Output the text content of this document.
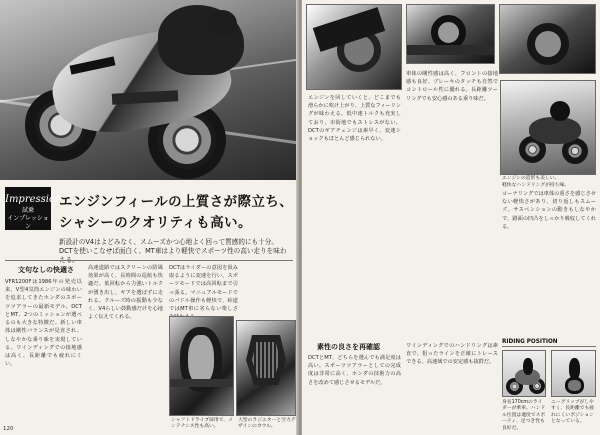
エンジンフィールの上質さが際立ち、
シャシーのクオリティも高い。
Impression
試乗
インプレッション
新設計のV4はよどみなく、スムーズかつ心地よく回って質感的にも十分。DCTを使いこなせば面白く、MT車はより軽快でスポーツ性の高い走りを味わ
文句なしの快適さ
VFR1200Fは1986年の発売以来、V型4気筒エンジンの味わいを追求してきたホンダのスポーツツアラーの最新モデル。DCTとMT、2つのミッションが選べるのも大きな特徴だ。新しい車体は剛性バランスが見直され、しなやかな乗り味を実現している。ワインディングでの接地感は高く、長距離でも疲れにくい。
高速道路ではスクリーンの防風効果が高く、長時間の巡航も快適だ。低回転から力強いトルクが湧き出し、ギアを選ばずに走れる。クルーズ時の振動も少なく、V4らしい鼓動感だけを心地よく伝えてくれる。
DCTはライダーの意図を汲み取るように変速を行い、スポーツモードでは高回転まで引っ張る。マニュアルモードでのパドル操作も軽快で、峠道ではMT車に劣らない楽しさ
シャフトドライブ採用で、メンテナンス性も高い。
大型のラジエターと空力デザインのカウル。
120
エンジンを回していくと、どこまでも滑らかに吹け上がり、上質なフィーリングが味わえる。低中速トルクも充実しており、市街地でもストレスがない。DCTのギアチェンジは素早く、変速ショックもほとんど感じられない。
車体の剛性感は高く、フロントの接地感も良好。ブレーキのタッチも自然でコントロール性に優れる。長距離ツーリングでも安心感のある乗り味だ。
コーナリングでは車体の重さを感じさせない軽快さがあり、切り返しもスムーズ。サスペンションの動きもしなやかで、路面の凹凸をしっかり吸収してくれる。
エンジンの造形も美しい。
軽快なハンドリングが持ち味。
素性の良さを再確認
DCTとMT、どちらを選んでも満足度は高い。スポーツツアラーとしての完成度は非常に高く、ホンダの技術力の高さを改めて感じさせるモデルだ。
ワインディングでのハンドリングは素直で、狙ったラインを正確にトレースできる。高速域での安定感も抜群だ。
RIDING POSITION
身長170cmのライダーが乗車。ハンドル位置は適度でスポーティ、足つき性も良好だ。
ニーグリップがしやすく、長距離でも疲れにくいポジションとなっている。
